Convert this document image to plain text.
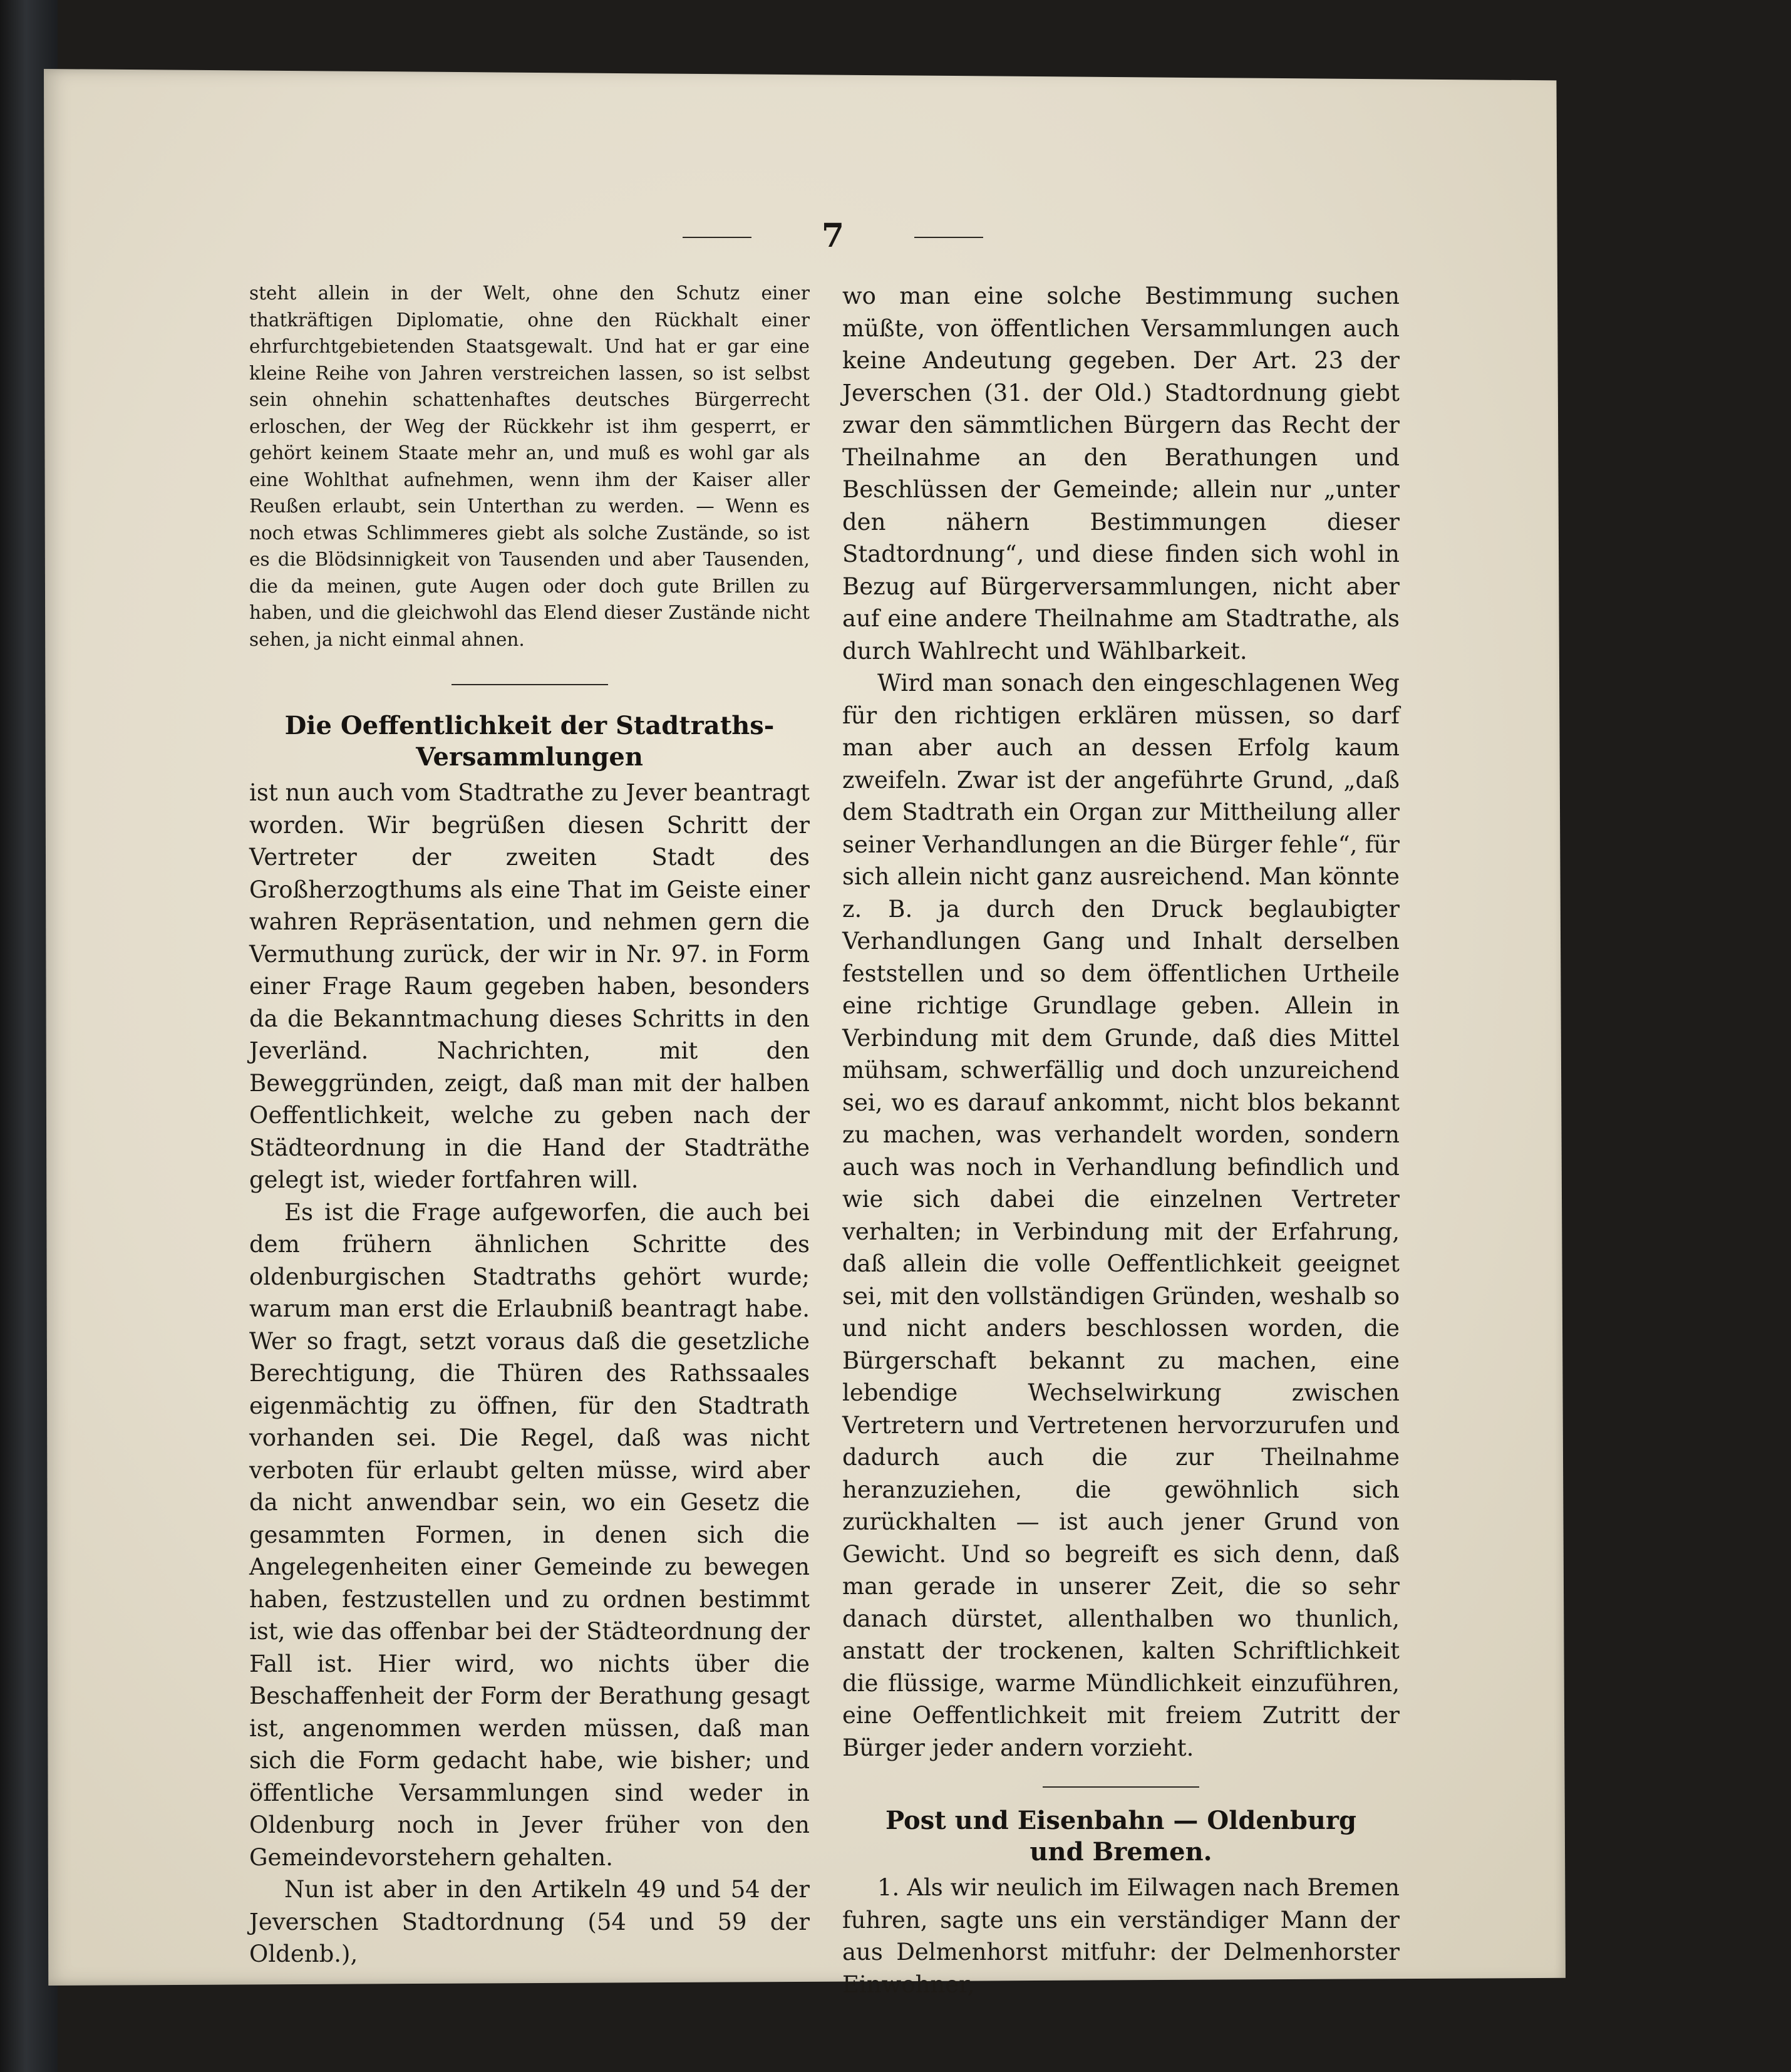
7

steht allein in der Welt, ohne den Schutz einer thatkräftigen Diplomatie, ohne den Rückhalt einer ehrfurchtgebietenden Staatsgewalt. Und hat er gar eine kleine Reihe von Jahren verstreichen lassen, so ist selbst sein ohnehin schattenhaftes deutsches Bürgerrecht erloschen, der Weg der Rückkehr ist ihm gesperrt, er gehört keinem Staate mehr an, und muß es wohl gar als eine Wohlthat aufnehmen, wenn ihm der Kaiser aller Reußen erlaubt, sein Unterthan zu werden. — Wenn es noch etwas Schlimmeres giebt als solche Zustände, so ist es die Blödsinnigkeit von Tausenden und aber Tausenden, die da meinen, gute Augen oder doch gute Brillen zu haben, und die gleichwohl das Elend dieser Zustände nicht sehen, ja nicht einmal ahnen.

Die Oeffentlichkeit der Stadtraths-Versammlungen

ist nun auch vom Stadtrathe zu Jever beantragt worden. Wir begrüßen diesen Schritt der Vertreter der zweiten Stadt des Großherzogthums als eine That im Geiste einer wahren Repräsentation, und nehmen gern die Vermuthung zurück, der wir in Nr. 97. in Form einer Frage Raum gegeben haben, besonders da die Bekanntmachung dieses Schritts in den Jeverländ. Nachrichten, mit den Beweggründen, zeigt, daß man mit der halben Oeffentlichkeit, welche zu geben nach der Städteordnung in die Hand der Stadträthe gelegt ist, wieder fortfahren will.

Es ist die Frage aufgeworfen, die auch bei dem frühern ähnlichen Schritte des oldenburgischen Stadtraths gehört wurde; warum man erst die Erlaubniß beantragt habe. Wer so fragt, setzt voraus daß die gesetzliche Berechtigung, die Thüren des Rathssaales eigenmächtig zu öffnen, für den Stadtrath vorhanden sei. Die Regel, daß was nicht verboten für erlaubt gelten müsse, wird aber da nicht anwendbar sein, wo ein Gesetz die gesammten Formen, in denen sich die Angelegenheiten einer Gemeinde zu bewegen haben, festzustellen und zu ordnen bestimmt ist, wie das offenbar bei der Städteordnung der Fall ist. Hier wird, wo nichts über die Beschaffenheit der Form der Berathung gesagt ist, angenommen werden müssen, daß man sich die Form gedacht habe, wie bisher; und öffentliche Versammlungen sind weder in Oldenburg noch in Jever früher von den Gemeindevorstehern gehalten.

Nun ist aber in den Artikeln 49 und 54 der Jeverschen Stadtordnung (54 und 59 der Oldenb.),

wo man eine solche Bestimmung suchen müßte, von öffentlichen Versammlungen auch keine Andeutung gegeben. Der Art. 23 der Jeverschen (31. der Old.) Stadtordnung giebt zwar den sämmtlichen Bürgern das Recht der Theilnahme an den Berathungen und Beschlüssen der Gemeinde; allein nur „unter den nähern Bestimmungen dieser Stadtordnung“, und diese finden sich wohl in Bezug auf Bürgerversammlungen, nicht aber auf eine andere Theilnahme am Stadtrathe, als durch Wahlrecht und Wählbarkeit.

Wird man sonach den eingeschlagenen Weg für den richtigen erklären müssen, so darf man aber auch an dessen Erfolg kaum zweifeln. Zwar ist der angeführte Grund, „daß dem Stadtrath ein Organ zur Mittheilung aller seiner Verhandlungen an die Bürger fehle“, für sich allein nicht ganz ausreichend. Man könnte z. B. ja durch den Druck beglaubigter Verhandlungen Gang und Inhalt derselben feststellen und so dem öffentlichen Urtheile eine richtige Grundlage geben. Allein in Verbindung mit dem Grunde, daß dies Mittel mühsam, schwerfällig und doch unzureichend sei, wo es darauf ankommt, nicht blos bekannt zu machen, was verhandelt worden, sondern auch was noch in Verhandlung befindlich und wie sich dabei die einzelnen Vertreter verhalten; in Verbindung mit der Erfahrung, daß allein die volle Oeffentlichkeit geeignet sei, mit den vollständigen Gründen, weshalb so und nicht anders beschlossen worden, die Bürgerschaft bekannt zu machen, eine lebendige Wechselwirkung zwischen Vertretern und Vertretenen hervorzurufen und dadurch auch die zur Theilnahme heranzuziehen, die gewöhnlich sich zurückhalten — ist auch jener Grund von Gewicht. Und so begreift es sich denn, daß man gerade in unserer Zeit, die so sehr danach dürstet, allenthalben wo thunlich, anstatt der trockenen, kalten Schriftlichkeit die flüssige, warme Mündlichkeit einzuführen, eine Oeffentlichkeit mit freiem Zutritt der Bürger jeder andern vorzieht.

Post und Eisenbahn — Oldenburg und Bremen.

1. Als wir neulich im Eilwagen nach Bremen fuhren, sagte uns ein verständiger Mann der aus Delmenhorst mitfuhr: der Delmenhorster Einwohner,
